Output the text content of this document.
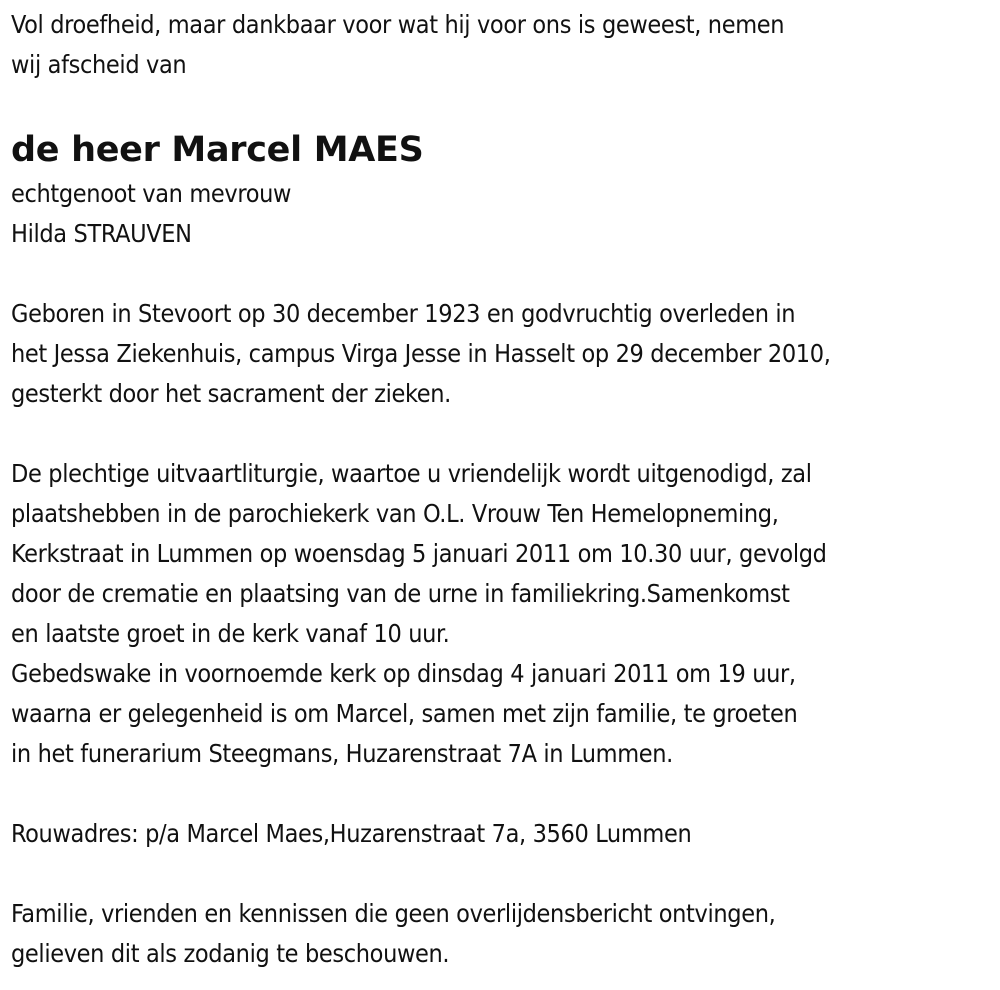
Vol droefheid, maar dankbaar voor wat hij voor ons is geweest, nemen
wij afscheid van
de heer Marcel MAES
echtgenoot van mevrouw
Hilda STRAUVEN
Geboren in Stevoort op 30 december 1923 en godvruchtig overleden in
het Jessa Ziekenhuis, campus Virga Jesse in Hasselt op 29 december 2010,
gesterkt door het sacrament der zieken.
De plechtige uitvaartliturgie, waartoe u vriendelijk wordt uitgenodigd, zal
plaatshebben in de parochiekerk van O.L. Vrouw Ten Hemelopneming,
Kerkstraat in Lummen op woensdag 5 januari 2011 om 10.30 uur, gevolgd
door de crematie en plaatsing van de urne in familiekring.Samenkomst
en laatste groet in de kerk vanaf 10 uur.
Gebedswake in voornoemde kerk op dinsdag 4 januari 2011 om 19 uur,
waarna er gelegenheid is om Marcel, samen met zijn familie, te groeten
in het funerarium Steegmans, Huzarenstraat 7A in Lummen.
Rouwadres: p/a Marcel Maes,Huzarenstraat 7a, 3560 Lummen
Familie, vrienden en kennissen die geen overlijdensbericht ontvingen,
gelieven dit als zodanig te beschouwen.
